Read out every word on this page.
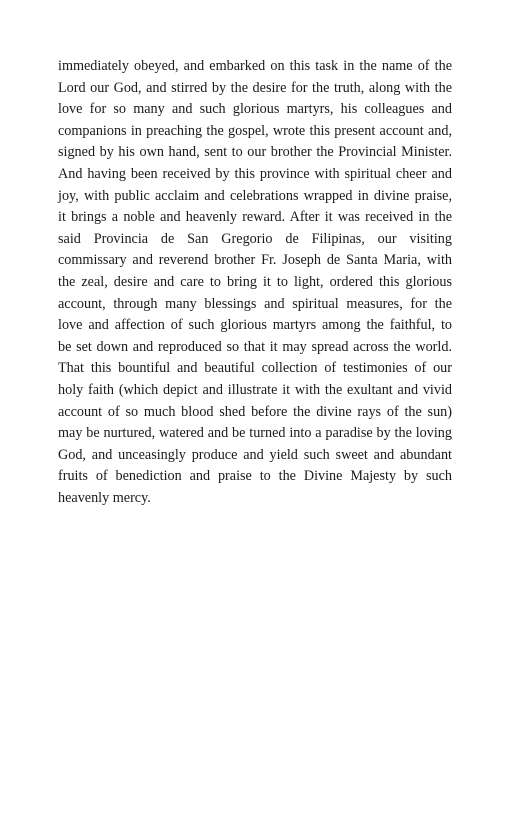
immediately obeyed, and embarked on this task in the name of the
Lord our God, and stirred by the desire for the truth, along with the
love for so many and such glorious martyrs, his colleagues and
companions in preaching the gospel, wrote this present account and,
signed by his own hand, sent to our brother the Provincial Minister.
And having been received by this province with spiritual cheer and
joy, with public acclaim and celebrations wrapped in divine praise,
it brings a noble and heavenly reward. After it was received in the
said Provincia de San Gregorio de Filipinas, our visiting
commissary and reverend brother Fr. Joseph de Santa Maria, with
the zeal, desire and care to bring it to light, ordered this glorious
account, through many blessings and spiritual measures, for the
love and affection of such glorious martyrs among the faithful, to
be set down and reproduced so that it may spread across the world.
That this bountiful and beautiful collection of testimonies of our
holy faith (which depict and illustrate it with the exultant and vivid
account of so much blood shed before the divine rays of the sun)
may be nurtured, watered and be turned into a paradise by the loving
God, and unceasingly produce and yield such sweet and abundant
fruits of benediction and praise to the Divine Majesty by such
heavenly mercy.
